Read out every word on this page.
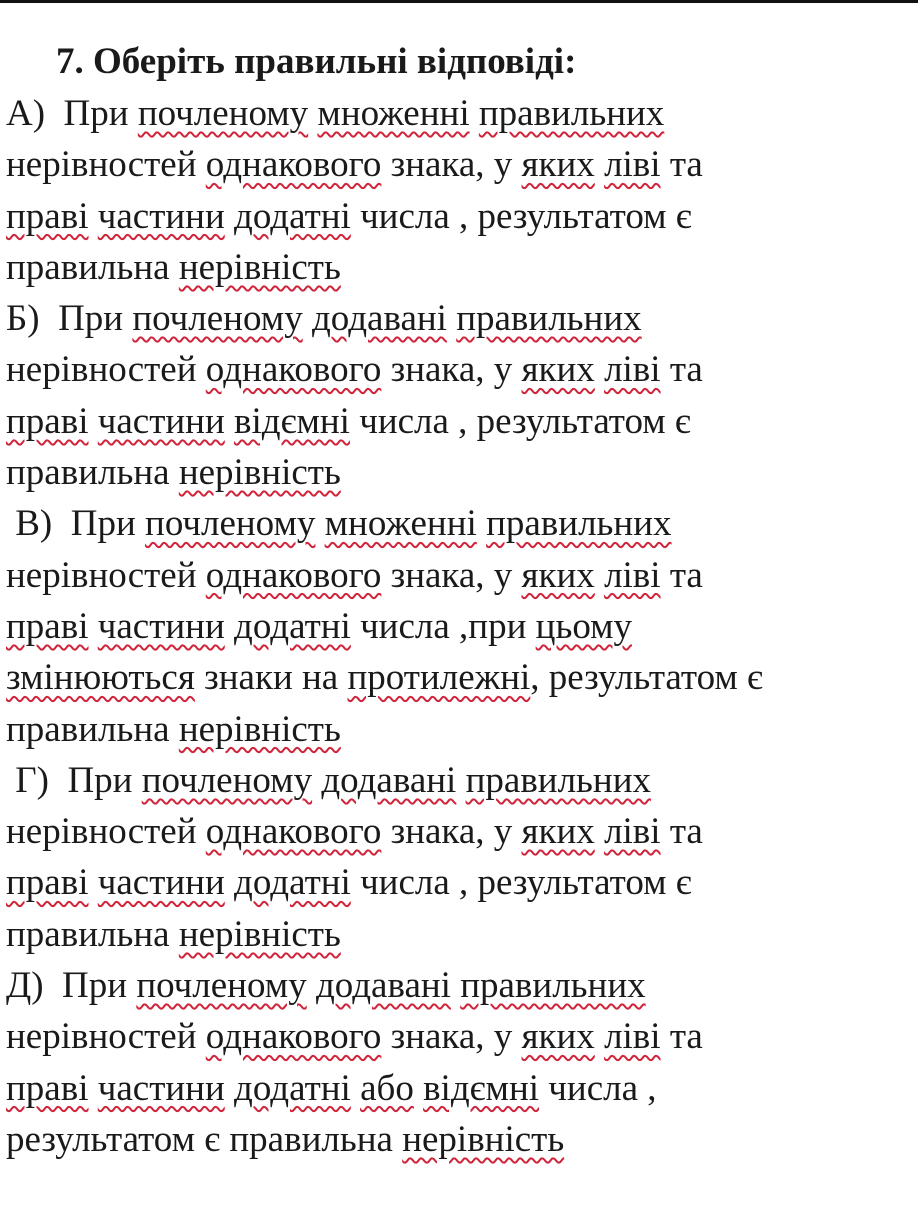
7. Оберіть правильні відповіді:
А)  При почленому множенні правильних
нерівностей однакового знака, у яких ліві та
праві частини додатні числа , результатом є
правильна нерівність
Б)  При почленому додавані правильних
нерівностей однакового знака, у яких ліві та
праві частини відємні числа , результатом є
правильна нерівність
В)  При почленому множенні правильних
нерівностей однакового знака, у яких ліві та
праві частини додатні числа ,при цьому
змінюються знаки на протилежні, результатом є
правильна нерівність
Г)  При почленому додавані правильних
нерівностей однакового знака, у яких ліві та
праві частини додатні числа , результатом є
правильна нерівність
Д)  При почленому додавані правильних
нерівностей однакового знака, у яких ліві та
праві частини додатні або відємні числа ,
результатом є правильна нерівність
